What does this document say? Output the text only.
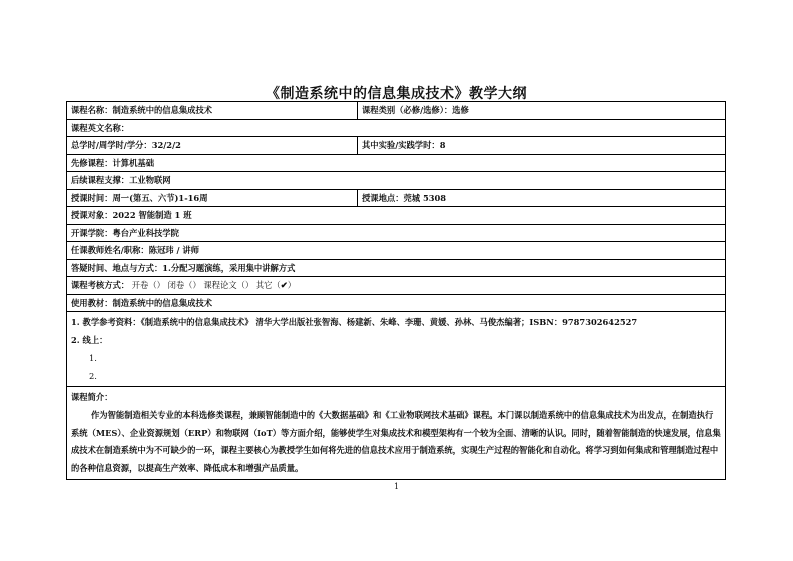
《制造系统中的信息集成技术》教学大纲
课程名称：制造系统中的信息集成技术	课程类别（必修/选修）：选修
课程英文名称：
总学时/周学时/学分：32/2/2	其中实验/实践学时：8
先修课程：计算机基础
后续课程支撑：工业物联网
授课时间：周一(第五、六节)1-16周	授课地点：莞城 5308
授课对象：2022 智能制造 1 班
开课学院：粤台产业科技学院
任课教师姓名/职称：陈冠玮 / 讲师
答疑时间、地点与方式：1.分配习题演练，采用集中讲解方式
课程考核方式： 开卷（） 闭卷（） 课程论文（） 其它（✔）
使用教材：制造系统中的信息集成技术
1. 教学参考资料：《制造系统中的信息集成技术》 清华大学出版社张智海、杨建新、朱峰、李珊、黄媛、孙林、马俊杰编著；ISBN：9787302642527
2. 线上：
1.
2.
课程简介：
作为智能制造相关专业的本科选修类课程，兼顾智能制造中的《大数据基础》和《工业物联网技术基础》课程。本门课以制造系统中的信息集成技术为出发点，在制造执行系统（MES）、企业资源规划（ERP）和物联网（IoT）等方面介绍，能够使学生对集成技术和模型架构有一个较为全面、清晰的认识。同时，随着智能制造的快速发展，信息集成技术在制造系统中为不可缺少的一环，课程主要核心为教授学生如何将先进的信息技术应用于制造系统，实现生产过程的智能化和自动化。将学习到如何集成和管理制造过程中的各种信息资源，以提高生产效率、降低成本和增强产品质量。
1
